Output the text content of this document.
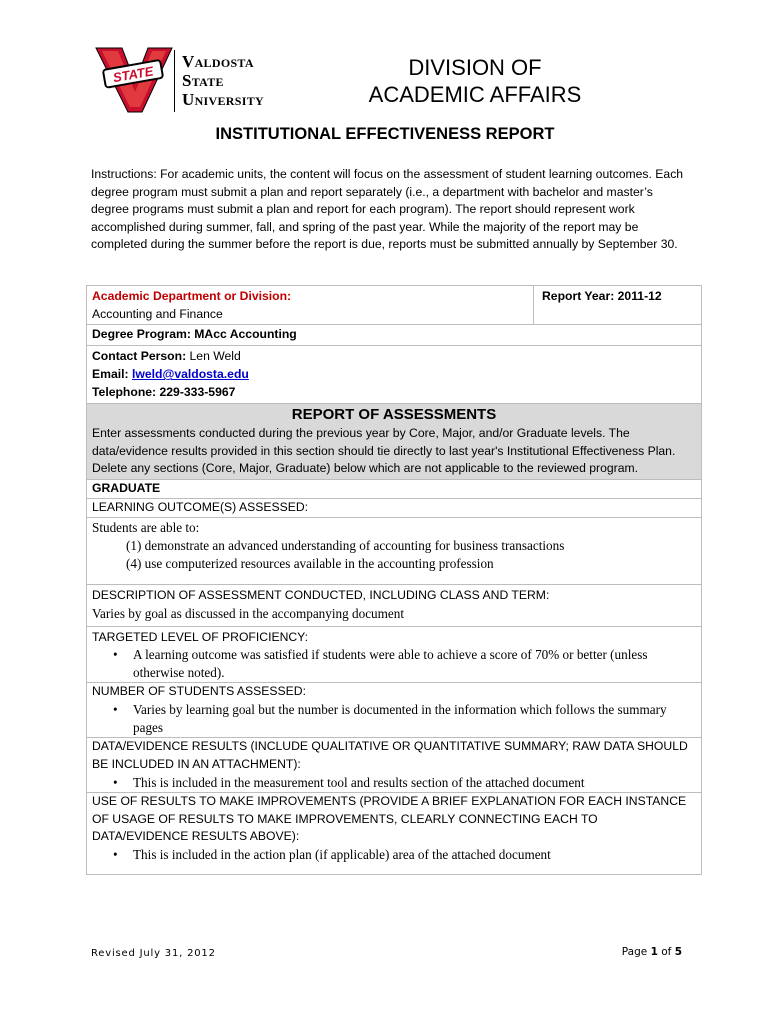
STATE
Valdosta
State
University
DIVISION OF
ACADEMIC AFFAIRS
INSTITUTIONAL EFFECTIVENESS REPORT
Instructions: For academic units, the content will focus on the assessment of student learning outcomes. Each degree program must submit a plan and report separately (i.e., a department with bachelor and master’s degree programs must submit a plan and report for each program). The report should represent work accomplished during summer, fall, and spring of the past year. While the majority of the report may be completed during the summer before the report is due, reports must be submitted annually by September 30.
Academic Department or Division:
Accounting and Finance
Report Year: 2011-12
Degree Program: MAcc Accounting
Contact Person: Len Weld
Email: lweld@valdosta.edu
Telephone: 229-333-5967
REPORT OF ASSESSMENTS
Enter assessments conducted during the previous year by Core, Major, and/or Graduate levels. The data/evidence results provided in this section should tie directly to last year's Institutional Effectiveness Plan. Delete any sections (Core, Major, Graduate) below which are not applicable to the reviewed program.
GRADUATE
LEARNING OUTCOME(S) ASSESSED:
Students are able to:
(1) demonstrate an advanced understanding of accounting for business transactions
(4) use computerized resources available in the accounting profession
DESCRIPTION OF ASSESSMENT CONDUCTED, INCLUDING CLASS AND TERM:
Varies by goal as discussed in the accompanying document
TARGETED LEVEL OF PROFICIENCY:
• A learning outcome was satisfied if students were able to achieve a score of 70% or better (unless otherwise noted).
NUMBER OF STUDENTS ASSESSED:
• Varies by learning goal but the number is documented in the information which follows the summary pages
DATA/EVIDENCE RESULTS (INCLUDE QUALITATIVE OR QUANTITATIVE SUMMARY; RAW DATA SHOULD BE INCLUDED IN AN ATTACHMENT):
• This is included in the measurement tool and results section of the attached document
USE OF RESULTS TO MAKE IMPROVEMENTS (PROVIDE A BRIEF EXPLANATION FOR EACH INSTANCE OF USAGE OF RESULTS TO MAKE IMPROVEMENTS, CLEARLY CONNECTING EACH TO DATA/EVIDENCE RESULTS ABOVE):
• This is included in the action plan (if applicable) area of the attached document
Revised July 31, 2012	Page 1 of 5
